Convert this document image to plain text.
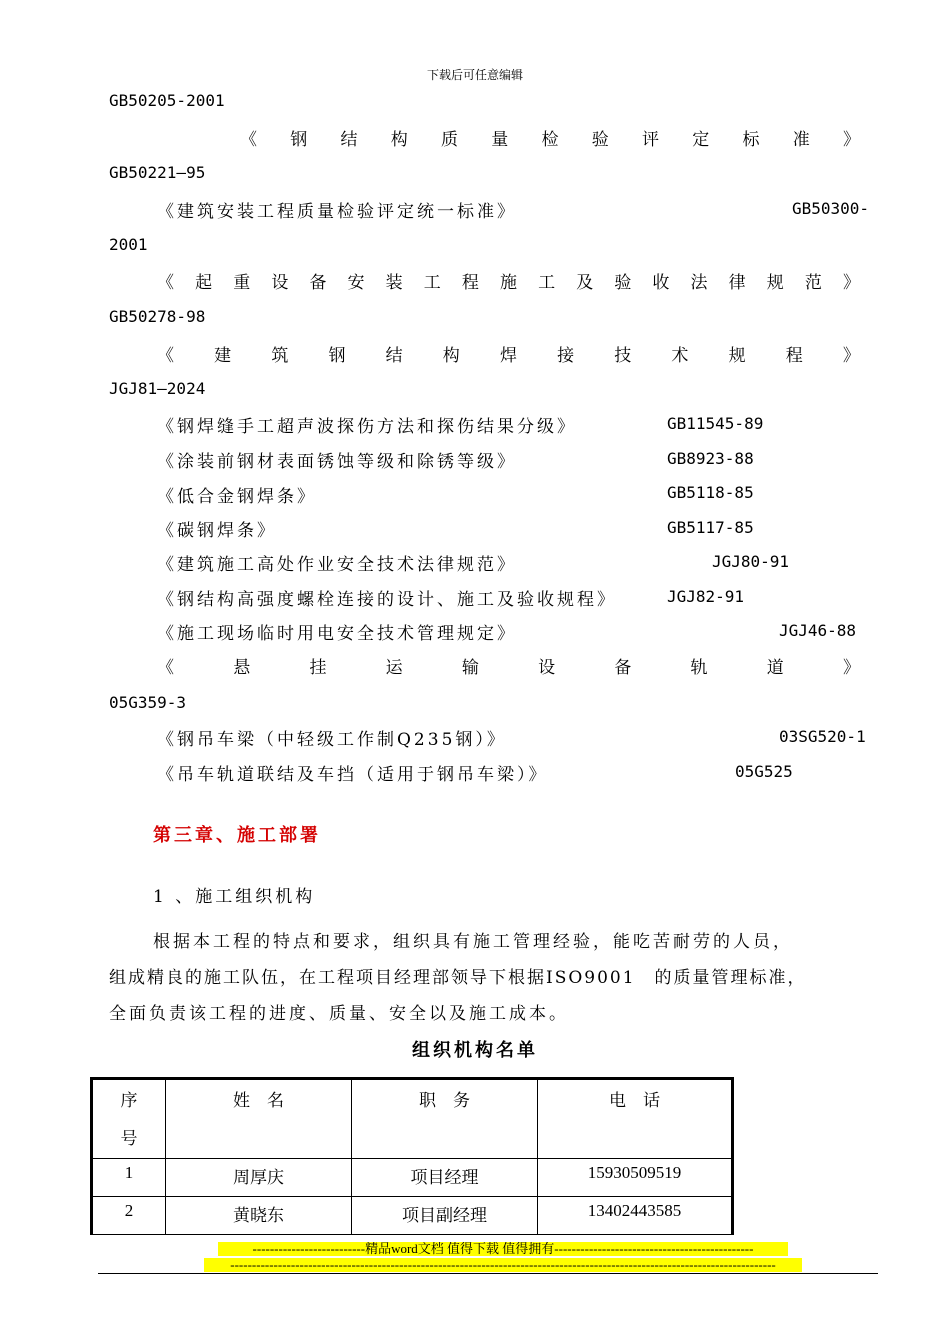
下载后可任意编辑
GB50205-2001
《 钢 结 构 质 量 检 验 评 定 标 准 》
GB50221—95
《建筑安装工程质量检验评定统一标准》	GB50300-
2001
《 起 重 设 备 安 装 工 程 施 工 及 验 收 法 律 规 范 》
GB50278-98
《 建 筑 钢 结 构 焊 接 技 术 规 程 》
JGJ81—2024
《钢焊缝手工超声波探伤方法和探伤结果分级》	GB11545-89
《涂装前钢材表面锈蚀等级和除锈等级》	GB8923-88
《低合金钢焊条》	GB5118-85
《碳钢焊条》	GB5117-85
《建筑施工高处作业安全技术法律规范》	JGJ80-91
《钢结构高强度螺栓连接的设计、施工及验收规程》	JGJ82-91
《施工现场临时用电安全技术管理规定》	JGJ46-88
《	悬	挂	运	输	设	备	轨	道	》
05G359-3
《钢吊车梁（中轻级工作制Q235钢）》	03SG520-1
《吊车轨道联结及车挡（适用于钢吊车梁）》	05G525
第三章、施工部署
1 、施工组织机构
根据本工程的特点和要求，组织具有施工管理经验，能吃苦耐劳的人员，
组成精良的施工队伍，在工程项目经理部领导下根据ISO9001　的质量管理标准，
全面负责该工程的进度、质量、安全以及施工成本。
组织机构名单
序
号	姓　名	职　务	电　话
1	周厚庆	项目经理	15930509519
2	黄晓东	项目副经理	13402443585
--------------------------精品word文档 值得下载 值得拥有----------------------------------------------
------------------------------------------------------------------------------------------------------------------------------
